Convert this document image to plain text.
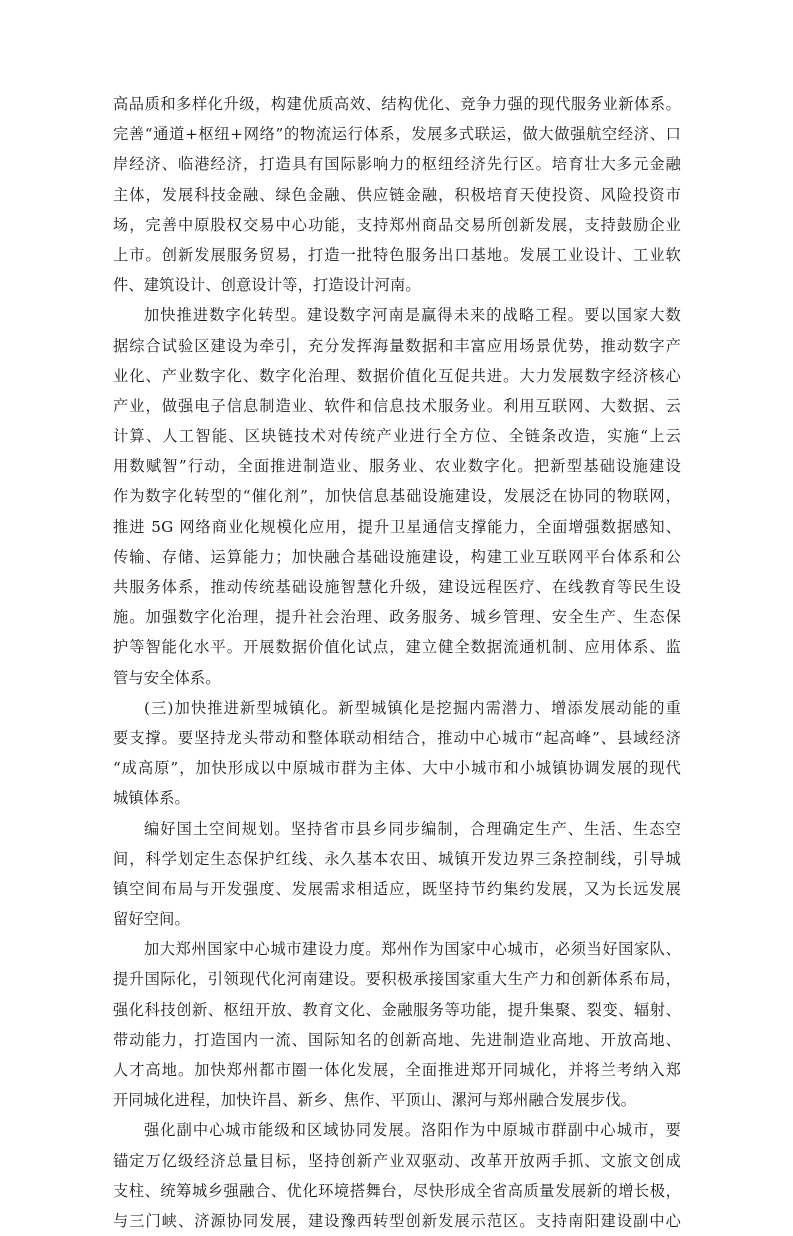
高品质和多样化升级，构建优质高效、结构优化、竞争力强的现代服务业新体系。
完善“通道+枢纽+网络”的物流运行体系，发展多式联运，做大做强航空经济、口
岸经济、临港经济，打造具有国际影响力的枢纽经济先行区。培育壮大多元金融
主体，发展科技金融、绿色金融、供应链金融，积极培育天使投资、风险投资市
场，完善中原股权交易中心功能，支持郑州商品交易所创新发展，支持鼓励企业
上市。创新发展服务贸易，打造一批特色服务出口基地。发展工业设计、工业软
件、建筑设计、创意设计等，打造设计河南。
加快推进数字化转型。建设数字河南是赢得未来的战略工程。要以国家大数
据综合试验区建设为牵引，充分发挥海量数据和丰富应用场景优势，推动数字产
业化、产业数字化、数字化治理、数据价值化互促共进。大力发展数字经济核心
产业，做强电子信息制造业、软件和信息技术服务业。利用互联网、大数据、云
计算、人工智能、区块链技术对传统产业进行全方位、全链条改造，实施“上云
用数赋智”行动，全面推进制造业、服务业、农业数字化。把新型基础设施建设
作为数字化转型的“催化剂”，加快信息基础设施建设，发展泛在协同的物联网，
推进 5G 网络商业化规模化应用，提升卫星通信支撑能力，全面增强数据感知、
传输、存储、运算能力；加快融合基础设施建设，构建工业互联网平台体系和公
共服务体系，推动传统基础设施智慧化升级，建设远程医疗、在线教育等民生设
施。加强数字化治理，提升社会治理、政务服务、城乡管理、安全生产、生态保
护等智能化水平。开展数据价值化试点，建立健全数据流通机制、应用体系、监
管与安全体系。
(三)加快推进新型城镇化。新型城镇化是挖掘内需潜力、增添发展动能的重
要支撑。要坚持龙头带动和整体联动相结合，推动中心城市“起高峰”、县域经济
“成高原”，加快形成以中原城市群为主体、大中小城市和小城镇协调发展的现代
城镇体系。
编好国土空间规划。坚持省市县乡同步编制，合理确定生产、生活、生态空
间，科学划定生态保护红线、永久基本农田、城镇开发边界三条控制线，引导城
镇空间布局与开发强度、发展需求相适应，既坚持节约集约发展，又为长远发展
留好空间。
加大郑州国家中心城市建设力度。郑州作为国家中心城市，必须当好国家队、
提升国际化，引领现代化河南建设。要积极承接国家重大生产力和创新体系布局，
强化科技创新、枢纽开放、教育文化、金融服务等功能，提升集聚、裂变、辐射、
带动能力，打造国内一流、国际知名的创新高地、先进制造业高地、开放高地、
人才高地。加快郑州都市圈一体化发展，全面推进郑开同城化，并将兰考纳入郑
开同城化进程，加快许昌、新乡、焦作、平顶山、漯河与郑州融合发展步伐。
强化副中心城市能级和区域协同发展。洛阳作为中原城市群副中心城市，要
锚定万亿级经济总量目标，坚持创新产业双驱动、改革开放两手抓、文旅文创成
支柱、统筹城乡强融合、优化环境搭舞台，尽快形成全省高质量发展新的增长极，
与三门峡、济源协同发展，建设豫西转型创新发展示范区。支持南阳建设副中心
